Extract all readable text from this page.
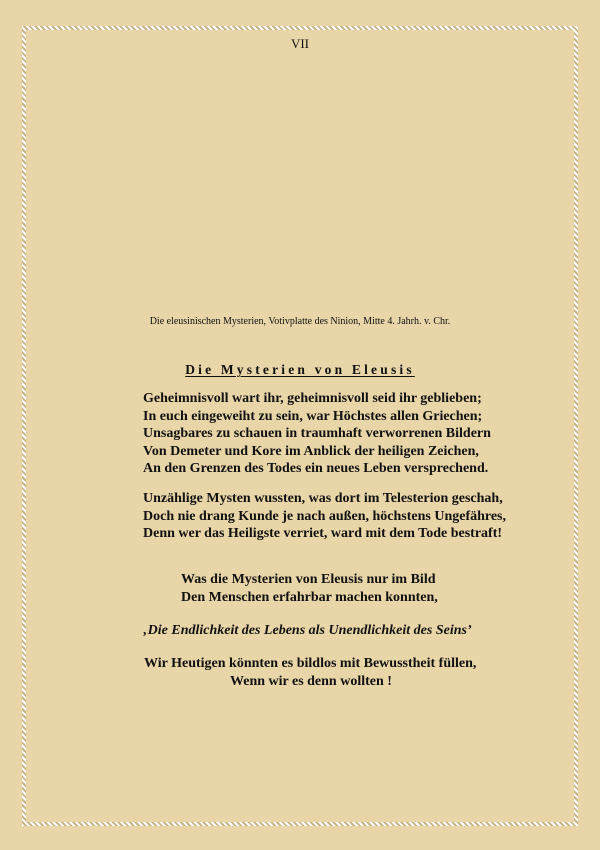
VII
Die eleusinischen Mysterien, Votivplatte des Ninion, Mitte 4. Jahrh. v. Chr.
Die Mysterien von Eleusis
Geheimnisvoll wart ihr, geheimnisvoll seid ihr geblieben;
In euch eingeweiht zu sein, war Höchstes allen Griechen;
Unsagbares zu schauen in traumhaft verworrenen Bildern
Von Demeter und Kore im Anblick der heiligen Zeichen,
An den Grenzen des Todes ein neues Leben versprechend.
Unzählige Mysten wussten, was dort im Telesterion geschah,
Doch nie drang Kunde je nach außen, höchstens Ungefähres,
Denn wer das Heiligste verriet, ward mit dem Tode bestraft!
Was die Mysterien von Eleusis nur im Bild
Den Menschen erfahrbar machen konnten,
‚Die Endlichkeit des Lebens als Unendlichkeit des Seins’
Wir Heutigen könnten es bildlos mit Bewusstheit füllen,
Wenn wir es denn wollten !
